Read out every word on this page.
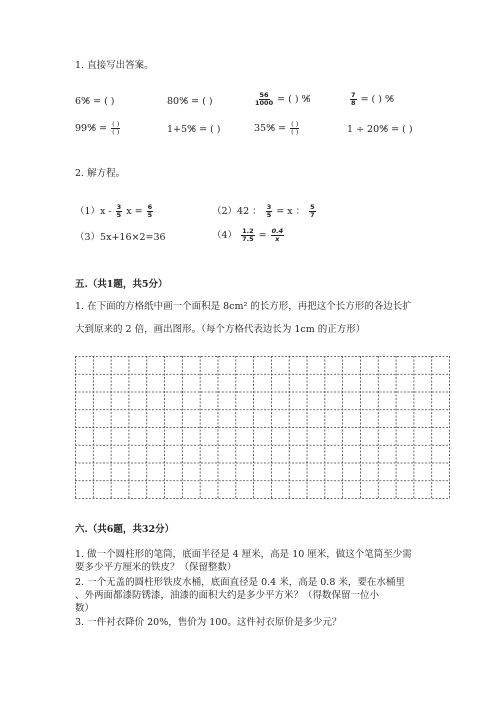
1. 直接写出答案。
6%̸ = ( )	80%̸ = ( )	$\frac{56}{1000}$ = ( ) %̸	$\frac{7}{8}$ = ( ) %̸
99%̸ = $\frac{( )}{( )}$	1+5%̸ = ( )	35%̸ = $\frac{( )}{( )}$	1 ÷ 20%̸ = ( )
2. 解方程。
$(1)x - \frac{3}{5}$ $x = \frac{6}{5}$	（2）42 ： $\frac{3}{5} = x$ ： $\frac{5}{7}$
（3）5x+16×2=36	$(4) \frac{1.2}{7.5} = \frac{0.4}{x}$
五.（共1题，共5分）
1. 在下面的方格纸中画一个面积是 8cm² 的长方形，再把这个长方形的各边长扩
大到原来的 2 倍，画出图形。（每个方格代表边长为 1cm 的正方形）
六.（共6题，共32分）
1. 做一个圆柱形的笔筒，底面半径是 4 厘米，高是 10 厘米，做这个笔筒至少需
要多少平方厘米的铁皮？（保留整数）
2. 一个无盖的圆柱形铁皮水桶，底面直径是 0.4 米，高是 0.8 米，要在水桶里
、外两面都漆防锈漆，油漆的面积大约是多少平方米？（得数保留一位小
数）
3. 一件衬衣降价 20%，售价为 100。这件衬衣原价是多少元？
